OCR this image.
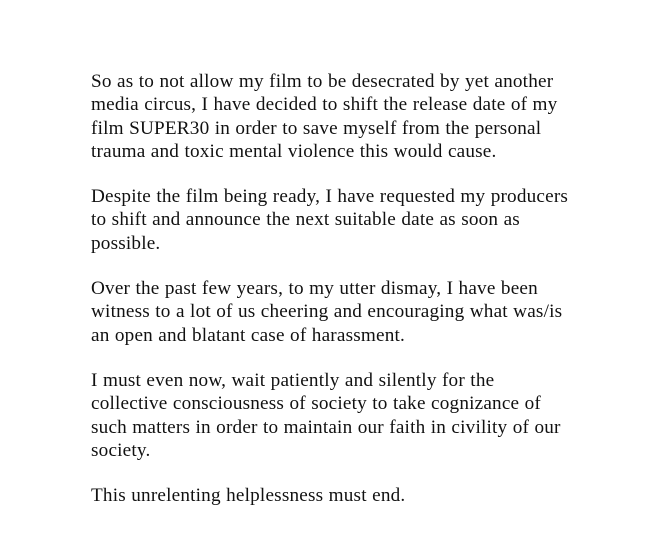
So as to not allow my film to be desecrated by yet another media circus, I have decided to shift the release date of my film SUPER30 in order to save myself from the personal trauma and toxic mental violence this would cause.

Despite the film being ready, I have requested my producers to shift and announce the next suitable date as soon as possible.

Over the past few years, to my utter dismay, I have been witness to a lot of us cheering and encouraging what was/is an open and blatant case of harassment.

I must even now, wait patiently and silently for the collective consciousness of society to take cognizance of such matters in order to maintain our faith in civility of our society.

This unrelenting helplessness must end.
